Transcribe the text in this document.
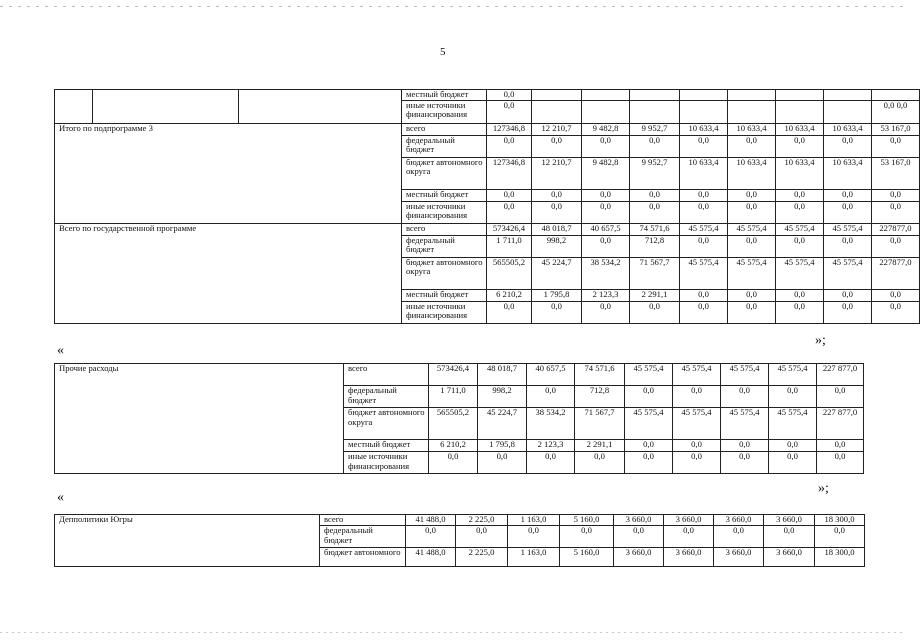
5
			местный бюджет	0,0								
			иные источники финансирования	0,0								0,0 0,0
Итого по подпрограмме 3			всего	127346,8	12 210,7	9 482,8	9 952,7	10 633,4	10 633,4	10 633,4	10 633,4	53 167,0
			федеральный бюджет	0,0	0,0	0,0	0,0	0,0	0,0	0,0	0,0	0,0
			бюджет автономного округа	127346,8	12 210,7	9 482,8	9 952,7	10 633,4	10 633,4	10 633,4	10 633,4	53 167,0
			местный бюджет	0,0	0,0	0,0	0,0	0,0	0,0	0,0	0,0	0,0
			иные источники финансирования	0,0	0,0	0,0	0,0	0,0	0,0	0,0	0,0	0,0
Всего по государственной программе			всего	573426,4	48 018,7	40 657,5	74 571,6	45 575,4	45 575,4	45 575,4	45 575,4	227877,0
			федеральный бюджет	1 711,0	998,2	0,0	712,8	0,0	0,0	0,0	0,0	0,0
			бюджет автономного округа	565505,2	45 224,7	38 534,2	71 567,7	45 575,4	45 575,4	45 575,4	45 575,4	227877,0
			местный бюджет	6 210,2	1 795,8	2 123,3	2 291,1	0,0	0,0	0,0	0,0	0,0
			иные источники финансирования	0,0	0,0	0,0	0,0	0,0	0,0	0,0	0,0	0,0
«
»;
Прочие расходы	всего	573426,4	48 018,7	40 657,5	74 571,6	45 575,4	45 575,4	45 575,4	45 575,4	227 877,0
	федеральный бюджет	1 711,0	998,2	0,0	712,8	0,0	0,0	0,0	0,0	0,0
	бюджет автономного округа	565505,2	45 224,7	38 534,2	71 567,7	45 575,4	45 575,4	45 575,4	45 575,4	227 877,0
	местный бюджет	6 210,2	1 795,8	2 123,3	2 291,1	0,0	0,0	0,0	0,0	0,0
	иные источники финансирования	0,0	0,0	0,0	0,0	0,0	0,0	0,0	0,0	0,0
«
»;
Депполитики Югры	всего	41 488,0	2 225,0	1 163,0	5 160,0	3 660,0	3 660,0	3 660,0	3 660,0	18 300,0
	федеральный бюджет	0,0	0,0	0,0	0,0	0,0	0,0	0,0	0,0	0,0
	бюджет автономного	41 488,0	2 225,0	1 163,0	5 160,0	3 660,0	3 660,0	3 660,0	3 660,0	18 300,0
